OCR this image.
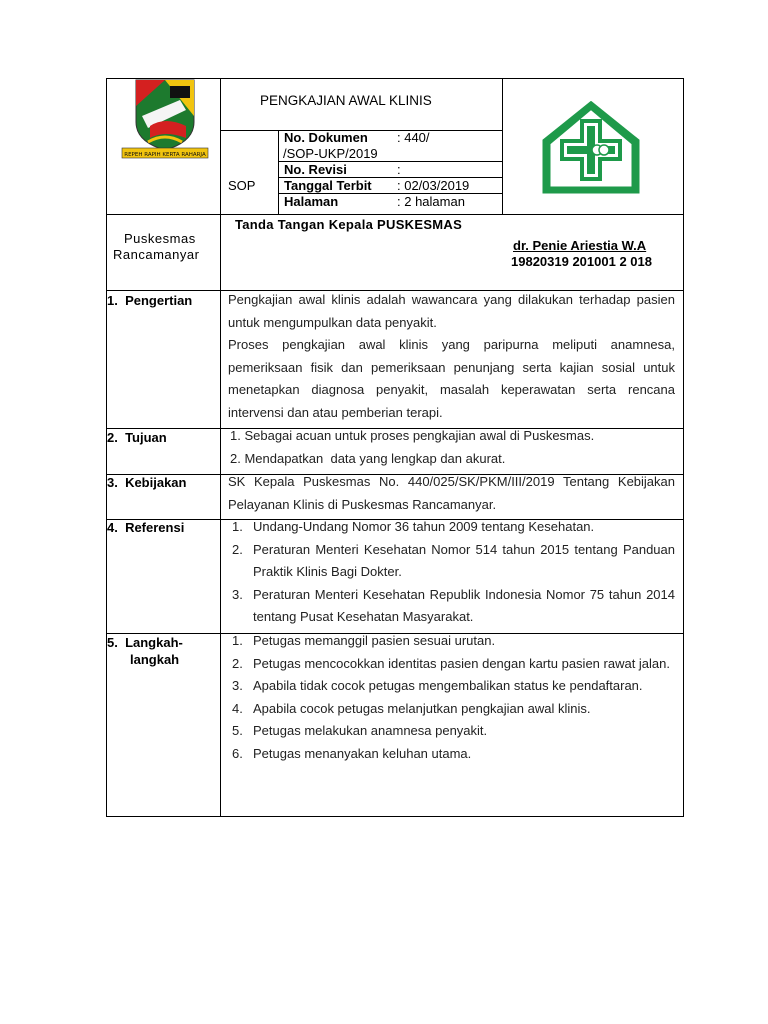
REPEH RAPIH KERTA RAHARJA
PENGKAJIAN AWAL KLINIS
SOP
No. Dokumen : 440/
/SOP-UKP/2019
No. Revisi	:
Tanggal Terbit : 02/03/2019
Halaman	: 2 halaman
Puskesmas
Rancamanyar
Tanda Tangan Kepala PUSKESMAS
dr. Penie Ariestia W.A
19820319 201001 2 018
1.  Pengertian	Pengkajian awal klinis adalah wawancara yang dilakukan terhadap pasien untuk mengumpulkan data penyakit.
Proses pengkajian awal klinis yang paripurna meliputi anamnesa, pemeriksaan fisik dan pemeriksaan penunjang serta kajian sosial untuk menetapkan diagnosa penyakit, masalah keperawatan serta rencana intervensi dan atau pemberian terapi.
2.  Tujuan	1. Sebagai acuan untuk proses pengkajian awal di Puskesmas.
2. Mendapatkan  data yang lengkap dan akurat.
3.  Kebijakan	SK Kepala Puskesmas No. 440/025/SK/PKM/III/2019 Tentang Kebijakan Pelayanan Klinis di Puskesmas Rancamanyar.
4.  Referensi	1. Undang-Undang Nomor 36 tahun 2009 tentang Kesehatan.
2. Peraturan Menteri Kesehatan Nomor 514 tahun 2015 tentang Panduan Praktik Klinis Bagi Dokter.
3. Peraturan Menteri Kesehatan Republik Indonesia Nomor 75 tahun 2014 tentang Pusat Kesehatan Masyarakat.
5.  Langkah-
langkah
1. Petugas memanggil pasien sesuai urutan.
2. Petugas mencocokkan identitas pasien dengan kartu pasien rawat jalan.
3. Apabila tidak cocok petugas mengembalikan status ke pendaftaran.
4. Apabila cocok petugas melanjutkan pengkajian awal klinis.
5. Petugas melakukan anamnesa penyakit.
6. Petugas menanyakan keluhan utama.
